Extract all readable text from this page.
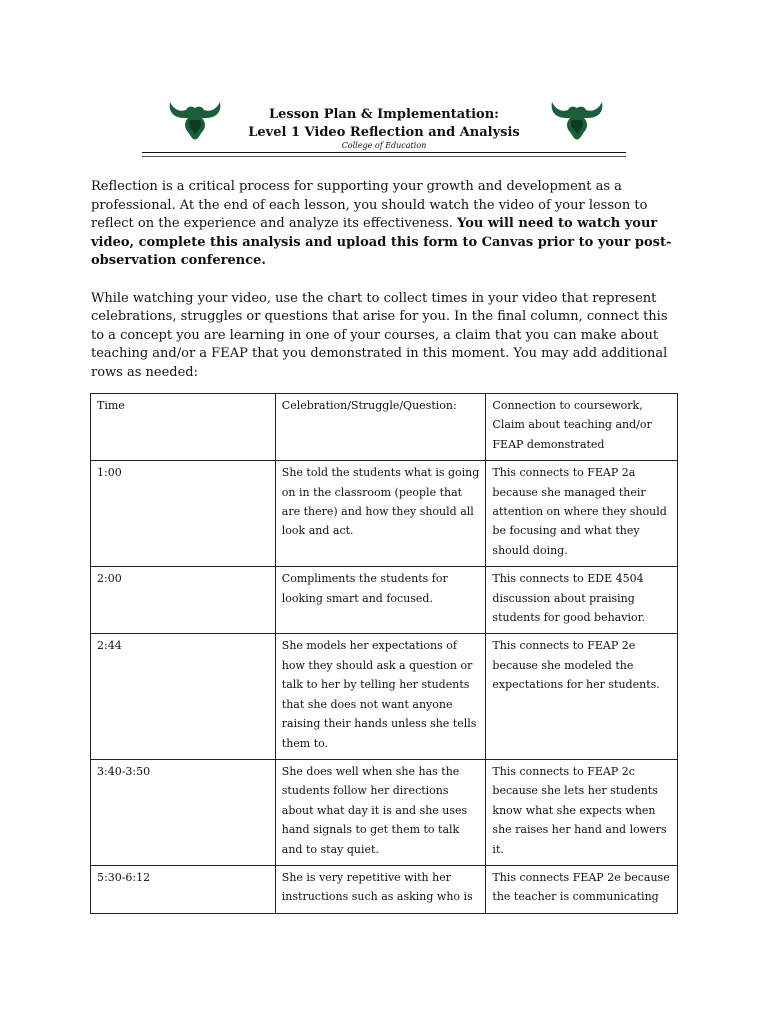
Lesson Plan & Implementation:
Level 1 Video Reflection and Analysis
College of Education

Reflection is a critical process for supporting your growth and development as a professional. At the end of each lesson, you should watch the video of your lesson to reflect on the experience and analyze its effectiveness. You will need to watch your video, complete this analysis and upload this form to Canvas prior to your post-observation conference.

While watching your video, use the chart to collect times in your video that represent celebrations, struggles or questions that arise for you. In the final column, connect this to a concept you are learning in one of your courses, a claim that you can make about teaching and/or a FEAP that you demonstrated in this moment. You may add additional rows as needed:

Time	Celebration/Struggle/Question:	Connection to coursework, Claim about teaching and/or FEAP demonstrated
1:00	She told the students what is going on in the classroom (people that are there) and how they should all look and act.	This connects to FEAP 2a because she managed their attention on where they should be focusing and what they should doing.
2:00	Compliments the students for looking smart and focused.	This connects to EDE 4504 discussion about praising students for good behavior.
2:44	She models her expectations of how they should ask a question or talk to her by telling her students that she does not want anyone raising their hands unless she tells them to.	This connects to FEAP 2e because she modeled the expectations for her students.
3:40-3:50	She does well when she has the students follow her directions about what day it is and she uses hand signals to get them to talk and to stay quiet.	This connects to FEAP 2c because she lets her students know what she expects when she raises her hand and lowers it.
5:30-6:12	She is very repetitive with her instructions such as asking who is	This connects FEAP 2e because the teacher is communicating
